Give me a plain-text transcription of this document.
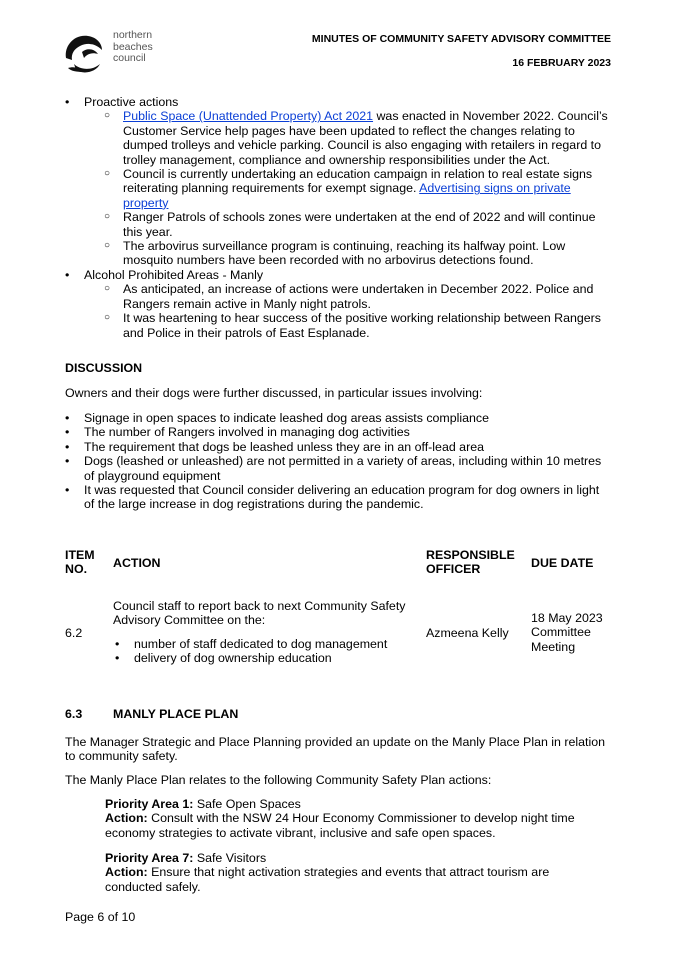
northern
beaches
council
MINUTES OF COMMUNITY SAFETY ADVISORY COMMITTEE
16 FEBRUARY 2023
• Proactive actions
○ Public Space (Unattended Property) Act 2021 was enacted in November 2022. Council’s Customer Service help pages have been updated to reflect the changes relating to dumped trolleys and vehicle parking. Council is also engaging with retailers in regard to trolley management, compliance and ownership responsibilities under the Act.
○ Council is currently undertaking an education campaign in relation to real estate signs reiterating planning requirements for exempt signage. Advertising signs on private property
○ Ranger Patrols of schools zones were undertaken at the end of 2022 and will continue this year.
○ The arbovirus surveillance program is continuing, reaching its halfway point. Low mosquito numbers have been recorded with no arbovirus detections found.
• Alcohol Prohibited Areas - Manly
○ As anticipated, an increase of actions were undertaken in December 2022. Police and Rangers remain active in Manly night patrols.
○ It was heartening to hear success of the positive working relationship between Rangers and Police in their patrols of East Esplanade.
DISCUSSION
Owners and their dogs were further discussed, in particular issues involving:
• Signage in open spaces to indicate leashed dog areas assists compliance
• The number of Rangers involved in managing dog activities
• The requirement that dogs be leashed unless they are in an off-lead area
• Dogs (leashed or unleashed) are not permitted in a variety of areas, including within 10 metres of playground equipment
• It was requested that Council consider delivering an education program for dog owners in light of the large increase in dog registrations during the pandemic.
ITEM NO.	ACTION
RESPONSIBLE OFFICER	DUE DATE
6.2
Council staff to report back to next Community Safety Advisory Committee on the:
• number of staff dedicated to dog management
• delivery of dog ownership education
Azmeena Kelly
18 May 2023 Committee Meeting
6.3 MANLY PLACE PLAN
The Manager Strategic and Place Planning provided an update on the Manly Place Plan in relation to community safety.
The Manly Place Plan relates to the following Community Safety Plan actions:
Priority Area 1: Safe Open Spaces
Action: Consult with the NSW 24 Hour Economy Commissioner to develop night time economy strategies to activate vibrant, inclusive and safe open spaces.
Priority Area 7: Safe Visitors
Action: Ensure that night activation strategies and events that attract tourism are conducted safely.
Page 6 of 10
